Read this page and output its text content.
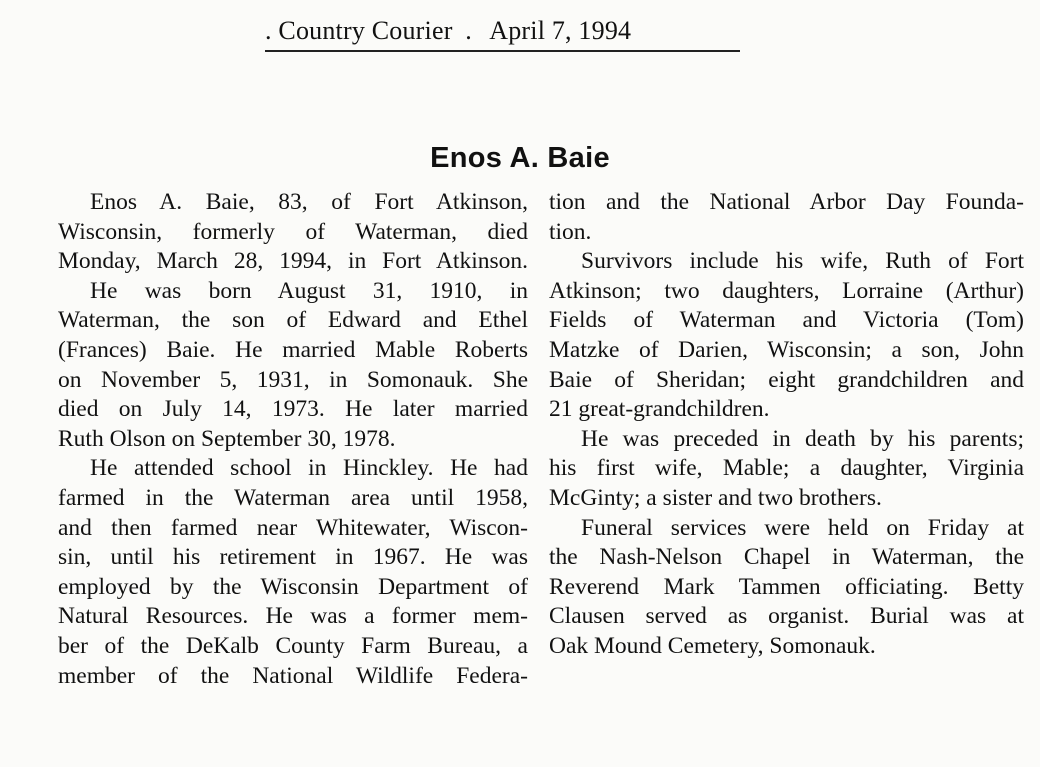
. Country Courier . April 7, 1994
Enos A. Baie
Enos A. Baie, 83, of Fort Atkinson,
Wisconsin, formerly of Waterman, died
Monday, March 28, 1994, in Fort Atkinson.
He was born August 31, 1910, in
Waterman, the son of Edward and Ethel
(Frances) Baie. He married Mable Roberts
on November 5, 1931, in Somonauk. She
died on July 14, 1973. He later married
Ruth Olson on September 30, 1978.
He attended school in Hinckley. He had
farmed in the Waterman area until 1958,
and then farmed near Whitewater, Wiscon-
sin, until his retirement in 1967. He was
employed by the Wisconsin Department of
Natural Resources. He was a former mem-
ber of the DeKalb County Farm Bureau, a
member of the National Wildlife Federa-
tion and the National Arbor Day Founda-
tion.
Survivors include his wife, Ruth of Fort
Atkinson; two daughters, Lorraine (Arthur)
Fields of Waterman and Victoria (Tom)
Matzke of Darien, Wisconsin; a son, John
Baie of Sheridan; eight grandchildren and
21 great-grandchildren.
He was preceded in death by his parents;
his first wife, Mable; a daughter, Virginia
McGinty; a sister and two brothers.
Funeral services were held on Friday at
the Nash-Nelson Chapel in Waterman, the
Reverend Mark Tammen officiating. Betty
Clausen served as organist. Burial was at
Oak Mound Cemetery, Somonauk.
